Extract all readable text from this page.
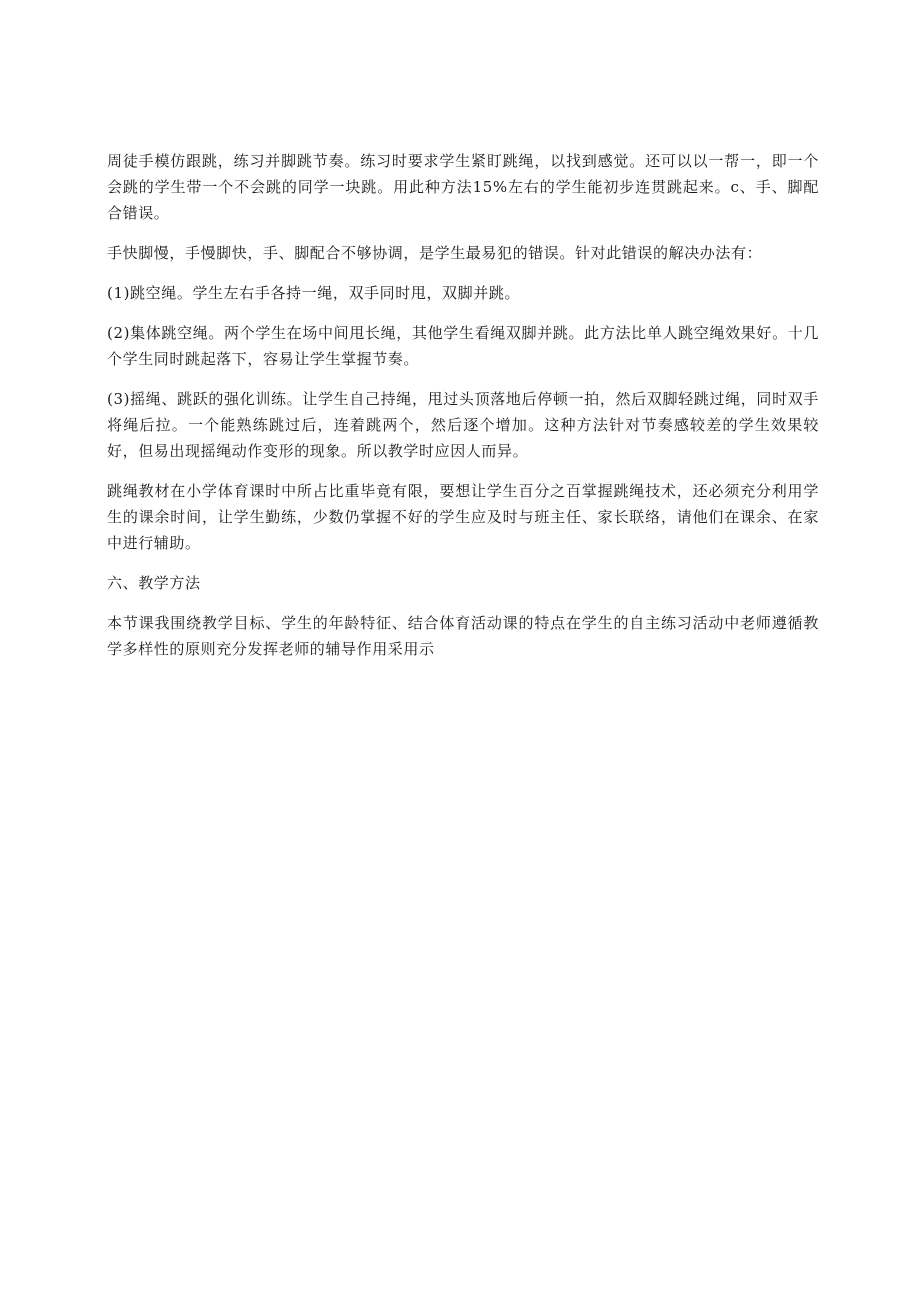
周徒手模仿跟跳，练习并脚跳节奏。练习时要求学生紧盯跳绳，以找到感觉。还可以以一帮一，即一个会跳的学生带一个不会跳的同学一块跳。用此种方法15%左右的学生能初步连贯跳起来。c、手、脚配合错误。

手快脚慢，手慢脚快，手、脚配合不够协调，是学生最易犯的错误。针对此错误的解决办法有：

(1)跳空绳。学生左右手各持一绳，双手同时甩，双脚并跳。

(2)集体跳空绳。两个学生在场中间甩长绳，其他学生看绳双脚并跳。此方法比单人跳空绳效果好。十几个学生同时跳起落下，容易让学生掌握节奏。

(3)摇绳、跳跃的强化训练。让学生自己持绳，甩过头顶落地后停顿一拍，然后双脚轻跳过绳，同时双手将绳后拉。一个能熟练跳过后，连着跳两个，然后逐个增加。这种方法针对节奏感较差的学生效果较好，但易出现摇绳动作变形的现象。所以教学时应因人而异。

跳绳教材在小学体育课时中所占比重毕竟有限，要想让学生百分之百掌握跳绳技术，还必须充分利用学生的课余时间，让学生勤练，少数仍掌握不好的学生应及时与班主任、家长联络，请他们在课余、在家中进行辅助。

六、教学方法

本节课我围绕教学目标、学生的年龄特征、结合体育活动课的特点在学生的自主练习活动中老师遵循教学多样性的原则充分发挥老师的辅导作用采用示
